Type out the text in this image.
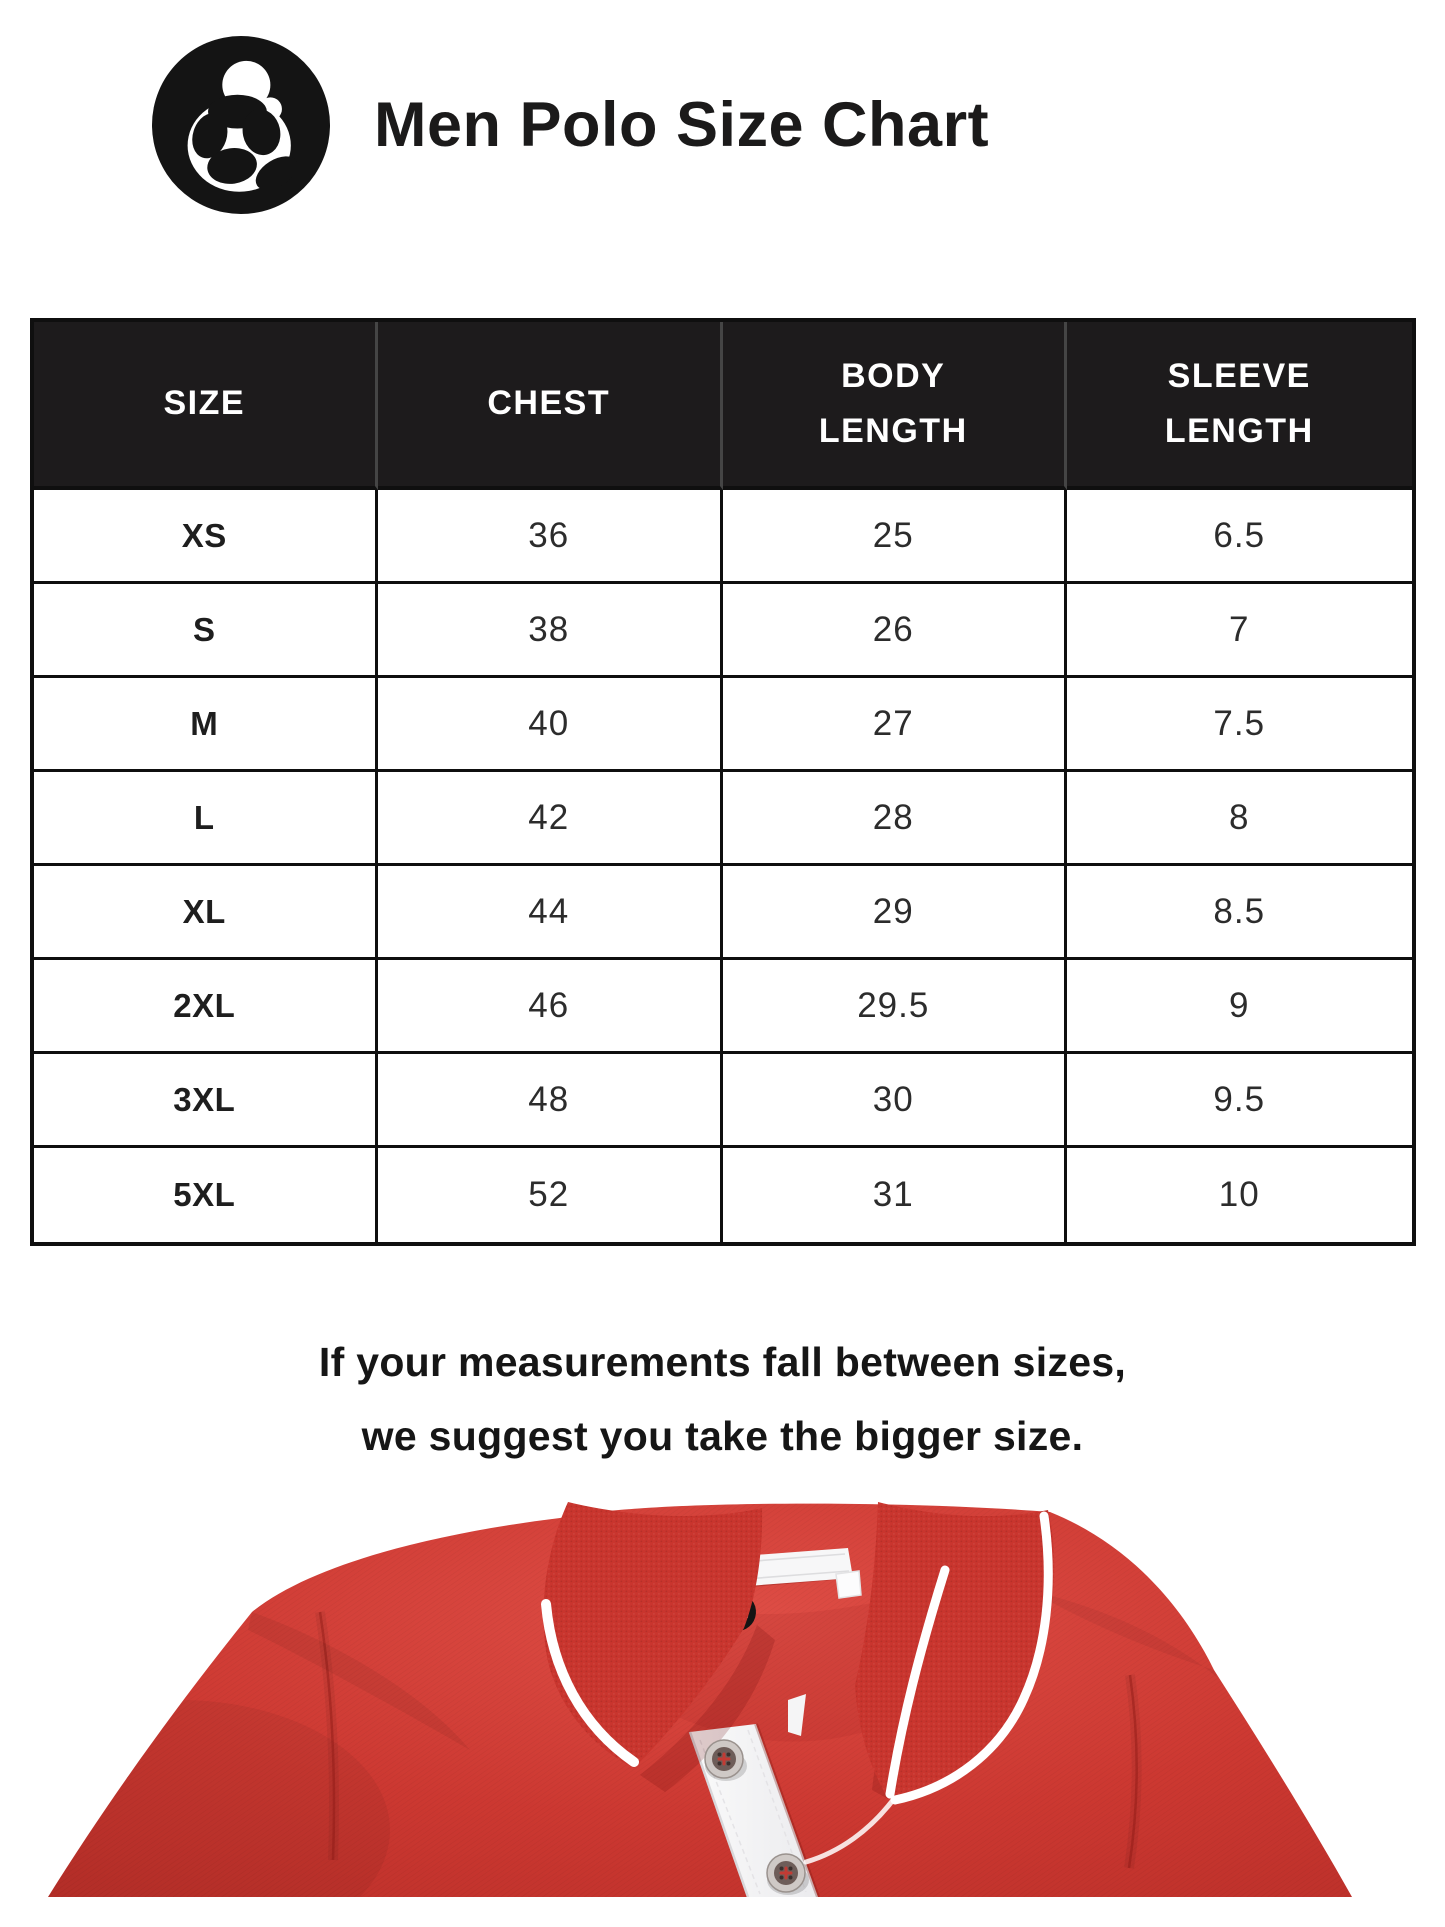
Men Polo Size Chart
SIZE	CHEST	BODY LENGTH	SLEEVE LENGTH
XS	36	25	6.5
S	38	26	7
M	40	27	7.5
L	42	28	8
XL	44	29	8.5
2XL	46	29.5	9
3XL	48	30	9.5
5XL	52	31	10

If your measurements fall between sizes,
we suggest you take the bigger size.
